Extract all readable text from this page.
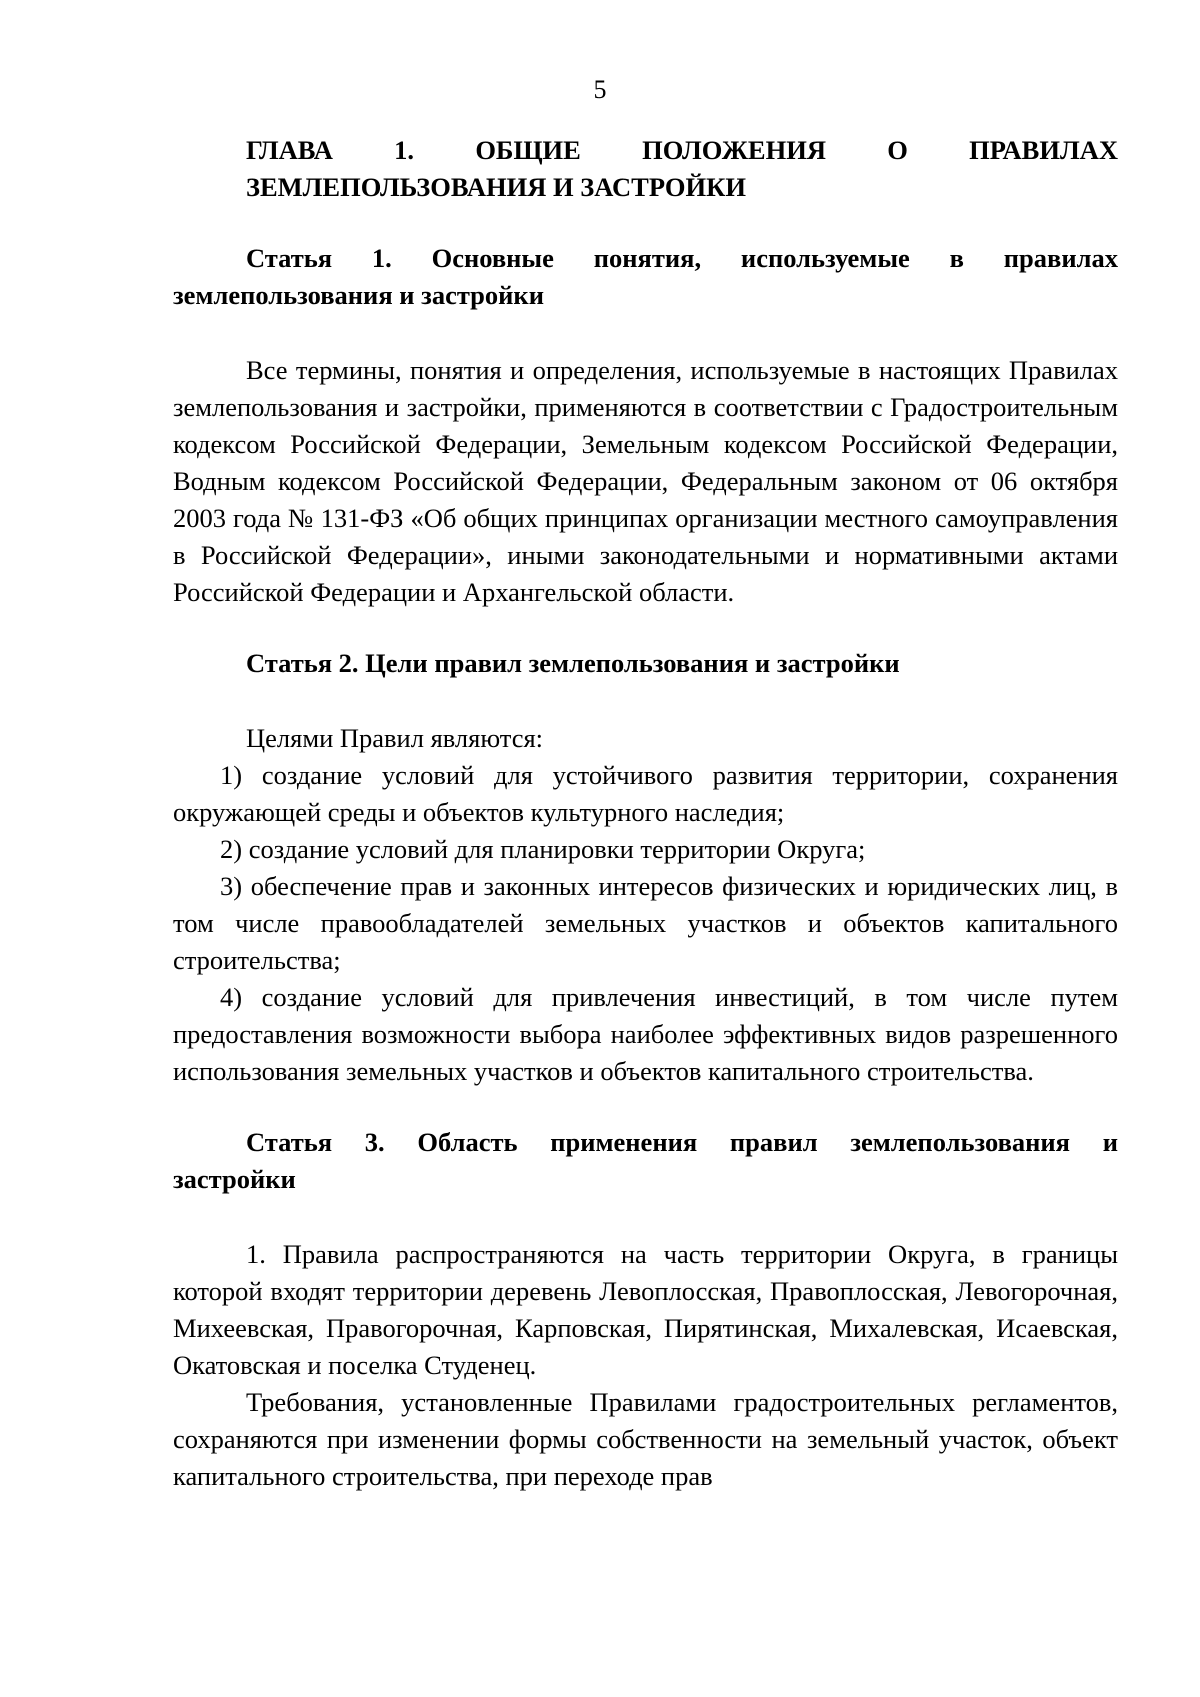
5
ГЛАВА 1. ОБЩИЕ ПОЛОЖЕНИЯ О ПРАВИЛАХ
ЗЕМЛЕПОЛЬЗОВАНИЯ И ЗАСТРОЙКИ
Статья 1. Основные понятия, используемые в правилах
землепользования и застройки

Все термины, понятия и определения, используемые в настоящих Правилах землепользования и застройки, применяются в соответствии с Градостроительным кодексом Российской Федерации, Земельным кодексом Российской Федерации, Водным кодексом Российской Федерации, Федеральным законом от 06 октября 2003 года № 131-ФЗ «Об общих принципах организации местного самоуправления в Российской Федерации», иными законодательными и нормативными актами Российской Федерации и Архангельской области.

Статья 2. Цели правил землепользования и застройки

Целями Правил являются:

1) создание условий для устойчивого развития территории, сохранения окружающей среды и объектов культурного наследия;
2) создание условий для планировки территории Округа;
3) обеспечение прав и законных интересов физических и юридических лиц, в том числе правообладателей земельных участков и объектов капитального строительства;
4) создание условий для привлечения инвестиций, в том числе путем предоставления возможности выбора наиболее эффективных видов разрешенного использования земельных участков и объектов капитального строительства.
Статья 3. Область применения правил землепользования и
застройки

1. Правила распространяются на часть территории Округа, в границы которой входят территории деревень Левоплосская, Правоплосская, Левогорочная, Михеевская, Правогорочная, Карповская, Пирятинская, Михалевская, Исаевская, Окатовская и поселка Студенец.

Требования, установленные Правилами градостроительных регламентов, сохраняются при изменении формы собственности на земельный участок, объект капитального строительства, при переходе прав
